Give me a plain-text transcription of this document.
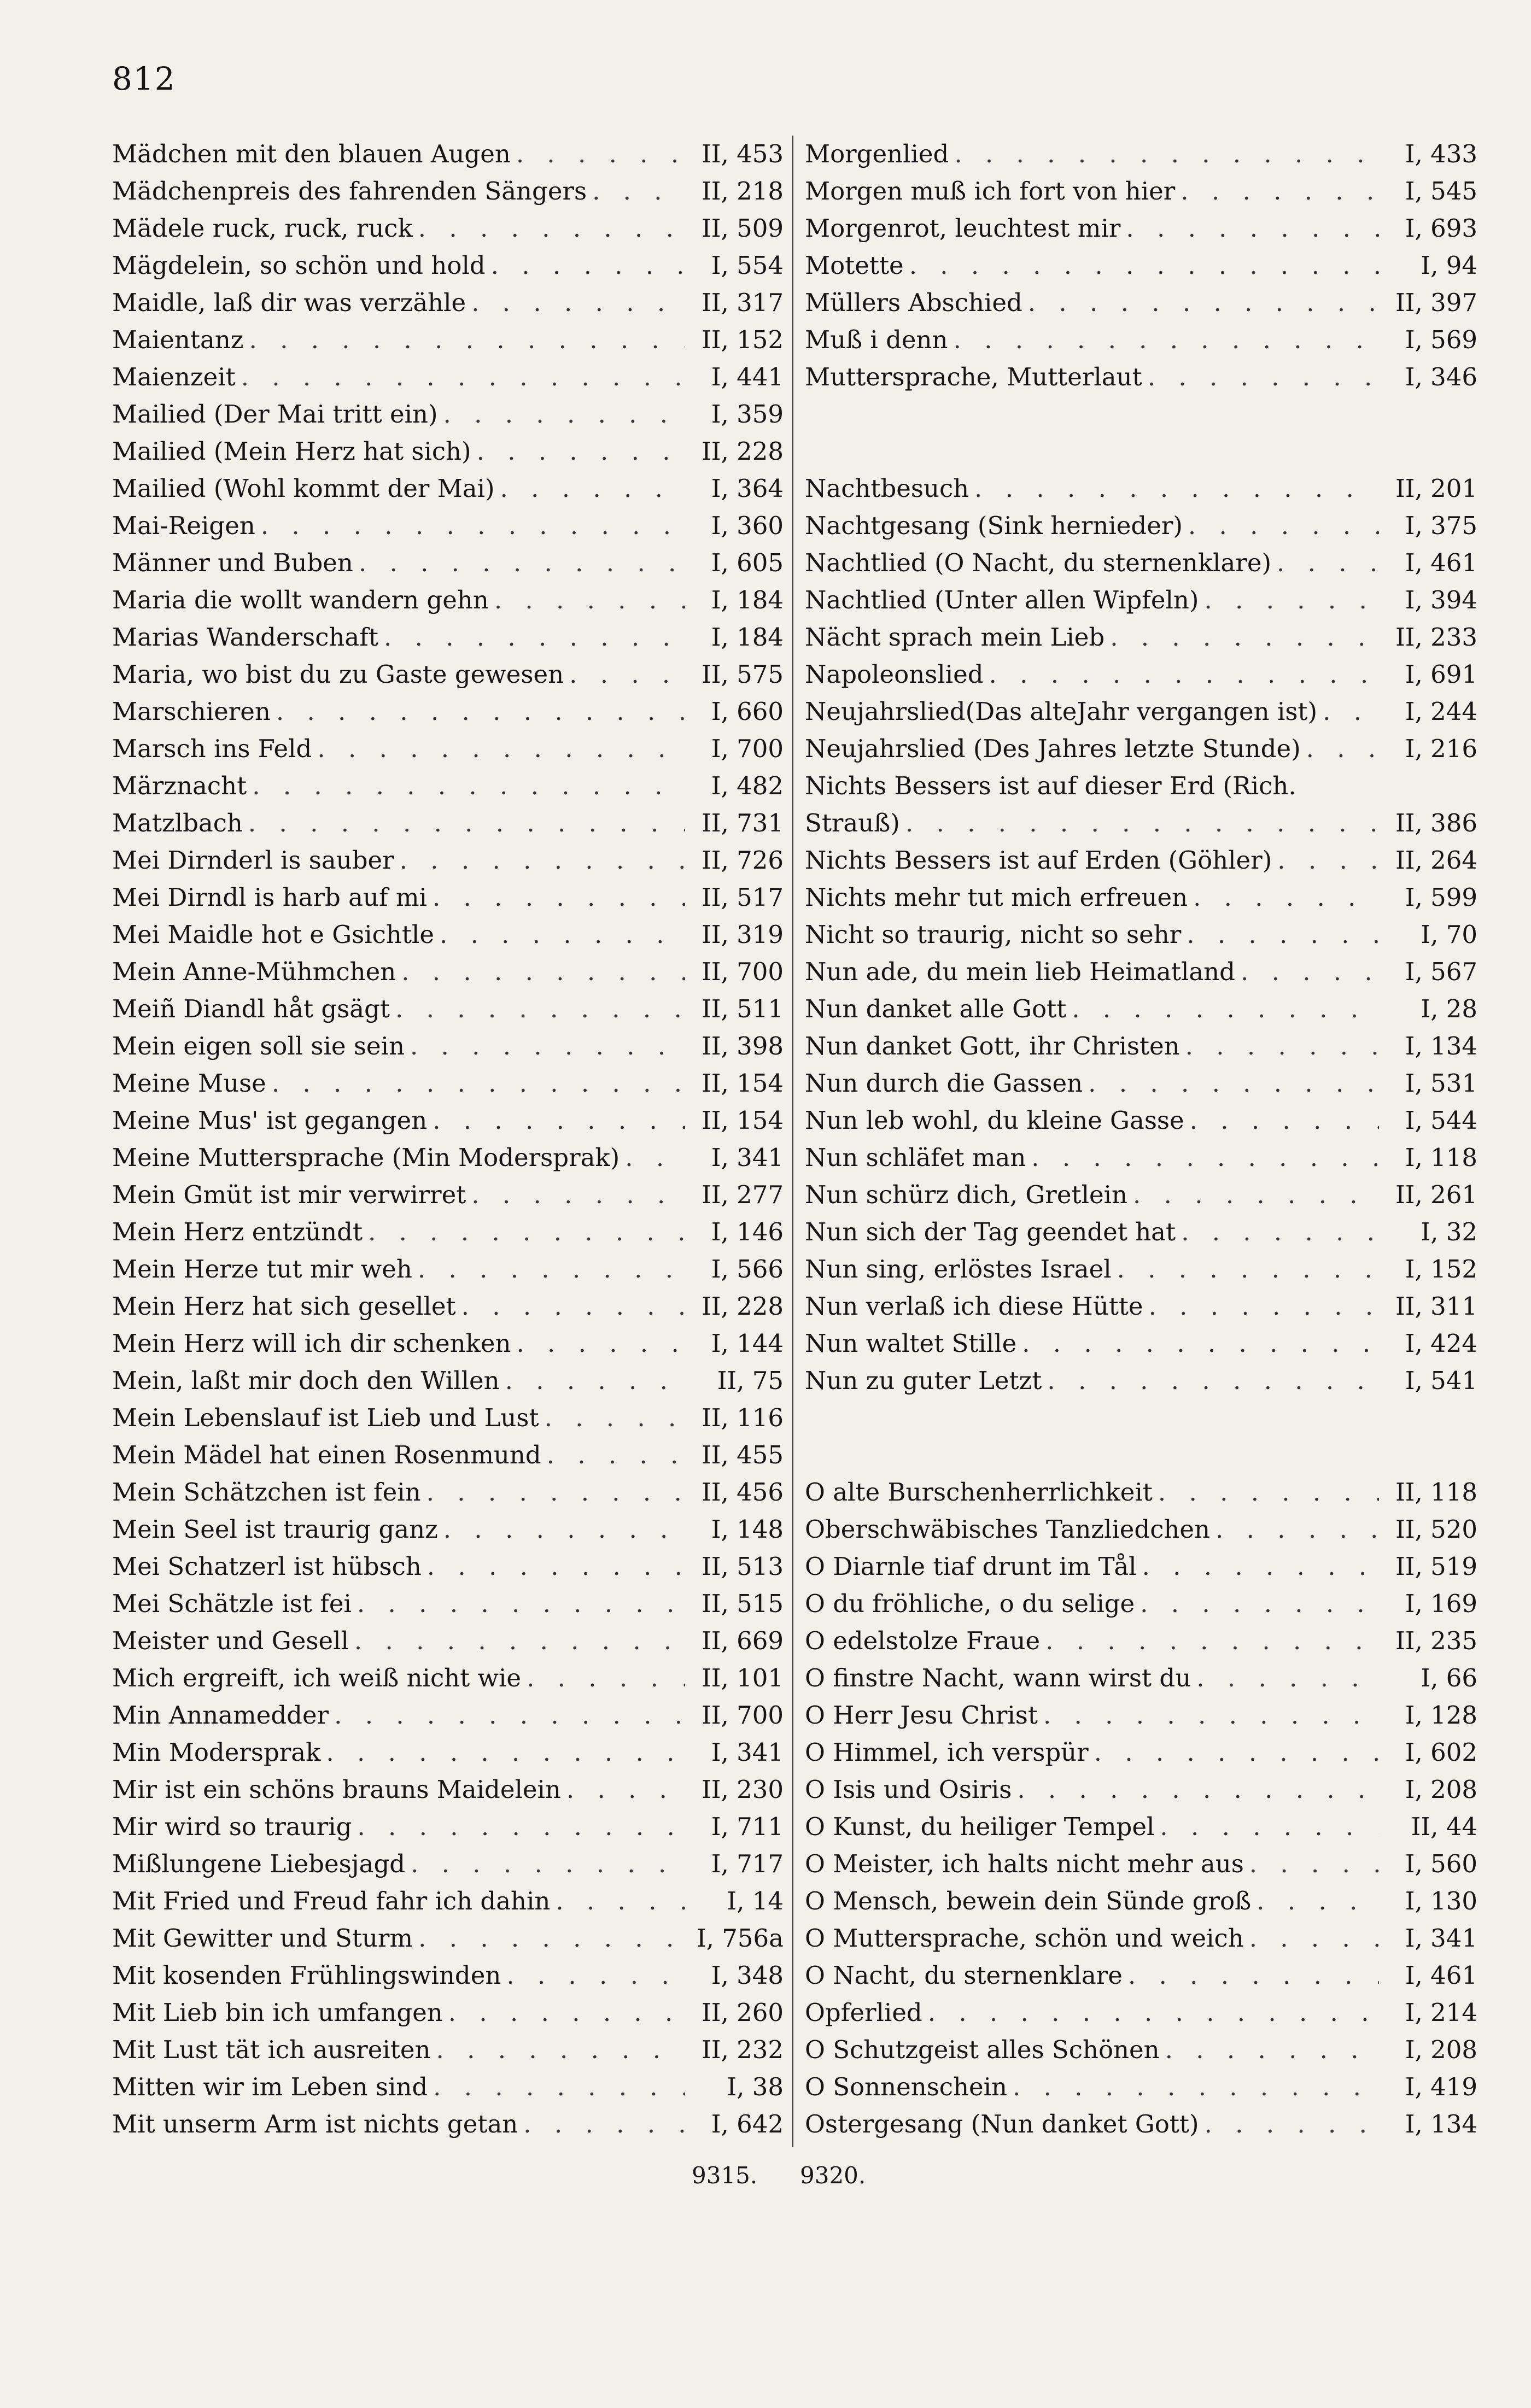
812
Mädchen mit den blauen Augen . . .	II, 453
Mädchenpreis des fahrenden Sängers . . .	II, 218
Mädele ruck, ruck, ruck . . .	II, 509
Mägdelein, so schön und hold . . .	I, 554
Maidle, laß dir was verzähle . . .	II, 317
Maientanz . . .	II, 152
Maienzeit . . .	I, 441
Mailied (Der Mai tritt ein) . . .	I, 359
Mailied (Mein Herz hat sich) . . .	II, 228
Mailied (Wohl kommt der Mai) . . .	I, 364
Mai-Reigen . . .	I, 360
Männer und Buben . . .	I, 605
Maria die wollt wandern gehn . . .	I, 184
Marias Wanderschaft . . .	I, 184
Maria, wo bist du zu Gaste gewesen . . .	II, 575
Marschieren . . .	I, 660
Marsch ins Feld . . .	I, 700
Märznacht . . .	I, 482
Matzlbach . . .	II, 731
Mei Dirnderl is sauber . . .	II, 726
Mei Dirndl is harb auf mi . . .	II, 517
Mei Maidle hot e Gsichtle . . .	II, 319
Mein Anne-Mühmchen . . .	II, 700
Meiñ Diandl håt gsägt . . .	II, 511
Mein eigen soll sie sein . . .	II, 398
Meine Muse . . .	II, 154
Meine Mus' ist gegangen . . .	II, 154
Meine Muttersprache (Min Modersprak) . . .	I, 341
Mein Gmüt ist mir verwirret . . .	II, 277
Mein Herz entzündt . . .	I, 146
Mein Herze tut mir weh . . .	I, 566
Mein Herz hat sich gesellet . . .	II, 228
Mein Herz will ich dir schenken . . .	I, 144
Mein, laßt mir doch den Willen . . .	II, 75
Mein Lebenslauf ist Lieb und Lust . . .	II, 116
Mein Mädel hat einen Rosenmund . . .	II, 455
Mein Schätzchen ist fein . . .	II, 456
Mein Seel ist traurig ganz . . .	I, 148
Mei Schatzerl ist hübsch . . .	II, 513
Mei Schätzle ist fei . . .	II, 515
Meister und Gesell . . .	II, 669
Mich ergreift, ich weiß nicht wie . . .	II, 101
Min Annamedder . . .	II, 700
Min Modersprak . . .	I, 341
Mir ist ein schöns brauns Maidelein . . .	II, 230
Mir wird so traurig . . .	I, 711
Mißlungene Liebesjagd . . .	I, 717
Mit Fried und Freud fahr ich dahin . . .	I, 14
Mit Gewitter und Sturm . . .	I, 756a
Mit kosenden Frühlingswinden . . .	I, 348
Mit Lieb bin ich umfangen . . .	II, 260
Mit Lust tät ich ausreiten . . .	II, 232
Mitten wir im Leben sind . . .	I, 38
Mit unserm Arm ist nichts getan . . .	I, 642
Morgenlied . . .	I, 433
Morgen muß ich fort von hier . . .	I, 545
Morgenrot, leuchtest mir . . .	I, 693
Motette . . .	I, 94
Müllers Abschied . . .	II, 397
Muß i denn . . .	I, 569
Muttersprache, Mutterlaut . . .	I, 346
Nachtbesuch . . .	II, 201
Nachtgesang (Sink hernieder) . . .	I, 375
Nachtlied (O Nacht, du sternenklare) . . .	I, 461
Nachtlied (Unter allen Wipfeln) . . .	I, 394
Nächt sprach mein Lieb . . .	II, 233
Napoleonslied . . .	I, 691
Neujahrslied(Das alteJahr vergangen ist) . . .	I, 244
Neujahrslied (Des Jahres letzte Stunde) . . .	I, 216
Nichts Bessers ist auf dieser Erd (Rich.
Strauß) . . .	II, 386
Nichts Bessers ist auf Erden (Göhler) . . .	II, 264
Nichts mehr tut mich erfreuen . . .	I, 599
Nicht so traurig, nicht so sehr . . .	I, 70
Nun ade, du mein lieb Heimatland . . .	I, 567
Nun danket alle Gott . . .	I, 28
Nun danket Gott, ihr Christen . . .	I, 134
Nun durch die Gassen . . .	I, 531
Nun leb wohl, du kleine Gasse . . .	I, 544
Nun schläfet man . . .	I, 118
Nun schürz dich, Gretlein . . .	II, 261
Nun sich der Tag geendet hat . . .	I, 32
Nun sing, erlöstes Israel . . .	I, 152
Nun verlaß ich diese Hütte . . .	II, 311
Nun waltet Stille . . .	I, 424
Nun zu guter Letzt . . .	I, 541
O alte Burschenherrlichkeit . . .	II, 118
Oberschwäbisches Tanzliedchen . . .	II, 520
O Diarnle tiaf drunt im Tål . . .	II, 519
O du fröhliche, o du selige . . .	I, 169
O edelstolze Fraue . . .	II, 235
O finstre Nacht, wann wirst du . . .	I, 66
O Herr Jesu Christ . . .	I, 128
O Himmel, ich verspür . . .	I, 602
O Isis und Osiris . . .	I, 208
O Kunst, du heiliger Tempel . . .	II, 44
O Meister, ich halts nicht mehr aus . . .	I, 560
O Mensch, bewein dein Sünde groß . . .	I, 130
O Muttersprache, schön und weich . . .	I, 341
O Nacht, du sternenklare . . .	I, 461
Opferlied . . .	I, 214
O Schutzgeist alles Schönen . . .	I, 208
O Sonnenschein . . .	I, 419
Ostergesang (Nun danket Gott) . . .	I, 134
9315. 9320.
